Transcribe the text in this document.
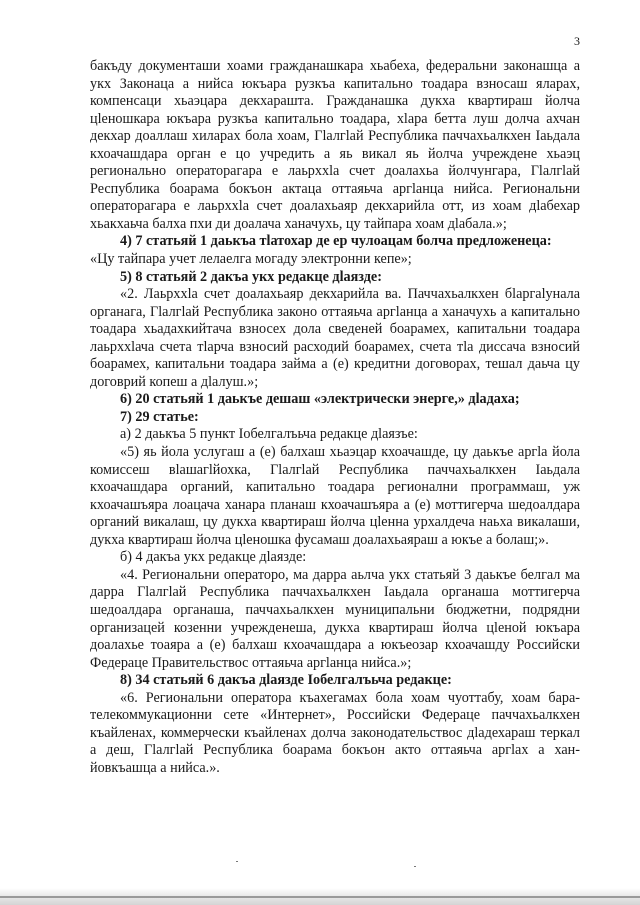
3

бакъду документаши хоами гражданашкара хьабеха, федеральни законашца а укх Законаца а нийса юкъара рузкъа капитально тоадара взносаш ялараx, компенсаци хьаэцара декхарашта. Гражданашка дукха квартираш йолча цlеношкара юкъара рузкъа капитально тоадара, хlара бетта луш долча ахчан декхар доаллаш хилараx бола хоам, Гlалгlай Республика паччахьалкхен Iаьдала кхоачашдара орган е цо учредить а яь викал яь йолча учреждене хьаэц регионально операторагара е лаьрххlа счет доалахьа йолчунгара, Гlалгlай Республика боарама бокъон актаца оттаяьча аргlанца нийса. Региональни операторагара е лаьрххlа счет доалахьаяр декхарийла отт, из хоам дlабехар хьакхаьча балха пхи ди доалача ханачухь, цу тайпара хоам дlабала.»;

4) 7 статьяй 1 даькъа тlатохар де ер чулоацам болча предложенеца:

«Цу тайпара учет лелаелга могаду электронни кепе»;

5) 8 статьяй 2 дакъа укх редакце дlаязде:

«2. Лаьрххlа счет доалахьаяр декхарийла ва. Паччахьалкхен бlаргаlунала органага, Гlалгlай Республика законо оттаяьча аргlанца а ханачухь а капитально тоадара хьадахкийтача взносех дола сведеней боарамех, капитальни тоадара лаьрххlача счета тlарча взносий расходий боарамех, счета тlа диссача взносий боарамех, капитальни тоадара займа а (е) кредитни договорах, тешал даьча цу договрий копеш а дlалуш.»;

6) 20 статьяй 1 даькъе дешаш «электрически энерге,» дlадаха;

7) 29 статье:

а) 2 даькъа 5 пункт Iобелгалъьча редакце дlаязъе:

«5) яь йола услугаш а (е) балхаш хьаэцар кхоачашде, цу даькъе аргlа йола комиссеш вlашагlйохка, Гlалгlай Республика паччахьалкхен Iаьдала кхоачашдара органий, капитально тоадара регионални программаш, уж кхоачашъяра лоацача ханара планаш кхоачашъяра а (е) моттигерча шедоалдара органий викалаш, цу дукха квартираш йолча цlенна урхалдеча наьха викалаши, дукха квартираш йолча цlеношка фусамаш доалахьаяраш а юкъе а болаш;».

б) 4 дакъа укх редакце дlаязде:

«4. Региональни операторо, ма дарра аьлча укх статьяй 3 даькъе белгал ма дарра Гlалгlай Республика паччахьалкхен Iаьдала органаша моттигерча шедоалдара органаша, паччахьалкхен муниципальни бюджетни, подрядни организацей козенни учрежденеша, дукха квартираш йолча цlеной юкъара доалахье тоаяра а (е) балхаш кхоачашдара а юкъеозар кхоачашду Российски Федераце Правительствос оттаяьча аргlанца нийса.»;

8) 34 статьяй 6 дакъа дlаязде Iобелгалъьча редакце:

«6. Региональни оператора къахегамах бола хоам чуоттабу, хоам бара-телекоммукационни сете «Интернет», Российски Федераце паччахьалкхен къайленах, коммерчески къайленах долча законодательствос дlадехараш теркал а деш, Гlалгlай Республика боарама бокъон акто оттаяьча аргlах а хан-йовкъашца а нийса.».
